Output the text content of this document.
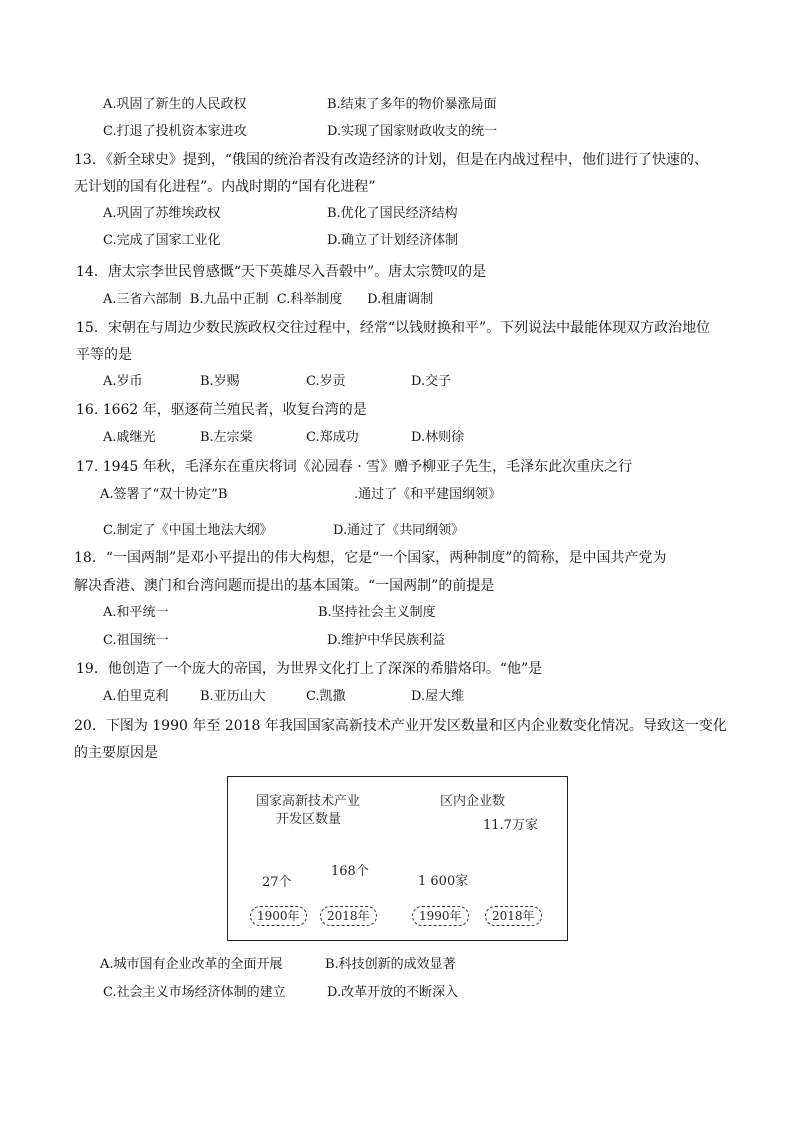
A.巩固了新生的人民政权	B.结束了多年的物价暴涨局面
C.打退了投机资本家进攻	D.实现了国家财政收支的统一
13．《新全球史》提到，“俄国的统治者没有改造经济的计划，但是在内战过程中，他们进行了快速的、
无计划的国有化进程”。内战时期的“国有化进程”
A.巩固了苏维埃政权	B.优化了国民经济结构
C.完成了国家工业化	D.确立了计划经济体制
14．唐太宗李世民曾感慨“天下英雄尽入吾毂中”。唐太宗赞叹的是
A.三省六部制  B.九品中正制  C.科举制度      D.租庸调制
15．宋朝在与周边少数民族政权交往过程中，经常“以钱财换和平”。下列说法中最能体现双方政治地位
平等的是
A.岁币	B.岁赐	C.岁贡	D.交子
16. 1662 年，驱逐荷兰殖民者，收复台湾的是
A.戚继光	B.左宗棠	C.郑成功	D.林则徐
17. 1945 年秋，毛泽东在重庆将词《沁园春 · 雪》赠予柳亚子先生，毛泽东此次重庆之行
A.签署了“双十协定”B	.通过了《和平建国纲领》
C.制定了《中国土地法大纲》	D.通过了《共同纲领》
18．“一国两制”是邓小平提出的伟大构想，它是“一个国家，两种制度”的简称，是中国共产党为
解决香港、澳门和台湾问题而提出的基本国策。“一国两制”的前提是
A.和平统一	B.坚持社会主义制度
C.祖国统一	D.维护中华民族利益
19．他创造了一个庞大的帝国，为世界文化打上了深深的希腊烙印。“他”是
A.伯里克利 B.亚历山大	C.凯撒	D.屋大维
20．下图为 1990 年至 2018 年我国国家高新技术产业开发区数量和区内企业数变化情况。导致这一变化
的主要原因是
国家高新技术产业
开发区数量
区内企业数
11.7万家
168个
27个	1 600家
1900年	2018年	1990年	2018年
A.城市国有企业改革的全面开展	B.科技创新的成效显著
C.社会主义市场经济体制的建立	D.改革开放的不断深入
